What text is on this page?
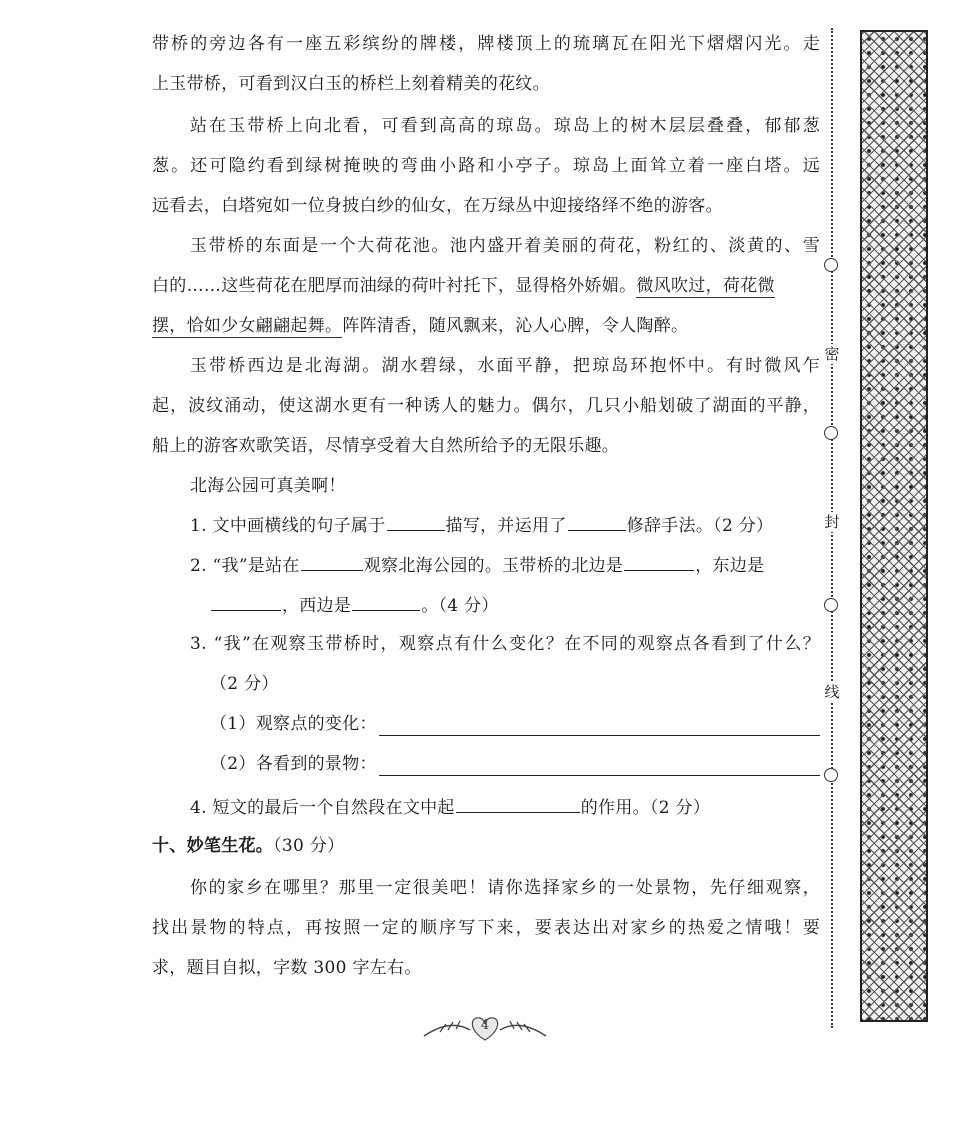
带桥的旁边各有一座五彩缤纷的牌楼，牌楼顶上的琉璃瓦在阳光下熠熠闪光。走
上玉带桥，可看到汉白玉的桥栏上刻着精美的花纹。
站在玉带桥上向北看，可看到高高的琼岛。琼岛上的树木层层叠叠，郁郁葱
葱。还可隐约看到绿树掩映的弯曲小路和小亭子。琼岛上面耸立着一座白塔。远
远看去，白塔宛如一位身披白纱的仙女，在万绿丛中迎接络绎不绝的游客。
玉带桥的东面是一个大荷花池。池内盛开着美丽的荷花，粉红的、淡黄的、雪
白的……这些荷花在肥厚而油绿的荷叶衬托下，显得格外娇媚。微风吹过，荷花微
摆，恰如少女翩翩起舞。阵阵清香，随风飘来，沁人心脾，令人陶醉。
玉带桥西边是北海湖。湖水碧绿，水面平静，把琼岛环抱怀中。有时微风乍
起，波纹涌动，使这湖水更有一种诱人的魅力。偶尔，几只小船划破了湖面的平静，
船上的游客欢歌笑语，尽情享受着大自然所给予的无限乐趣。
北海公园可真美啊！
1. 文中画横线的句子属于	描写，并运用了	修辞手法。（2 分）
2. “我”是站在	观察北海公园的。玉带桥的北边是	，东边是
，西边是	。（4 分）
3. “我”在观察玉带桥时，观察点有什么变化？在不同的观察点各看到了什么？
（2 分）
（1）观察点的变化：
（2）各看到的景物：
4. 短文的最后一个自然段在文中起	的作用。（2 分）
十、妙笔生花。（30 分）
你的家乡在哪里？那里一定很美吧！请你选择家乡的一处景物，先仔细观察，
找出景物的特点，再按照一定的顺序写下来，要表达出对家乡的热爱之情哦！要
求，题目自拟，字数 300 字左右。
密
封
线
4
